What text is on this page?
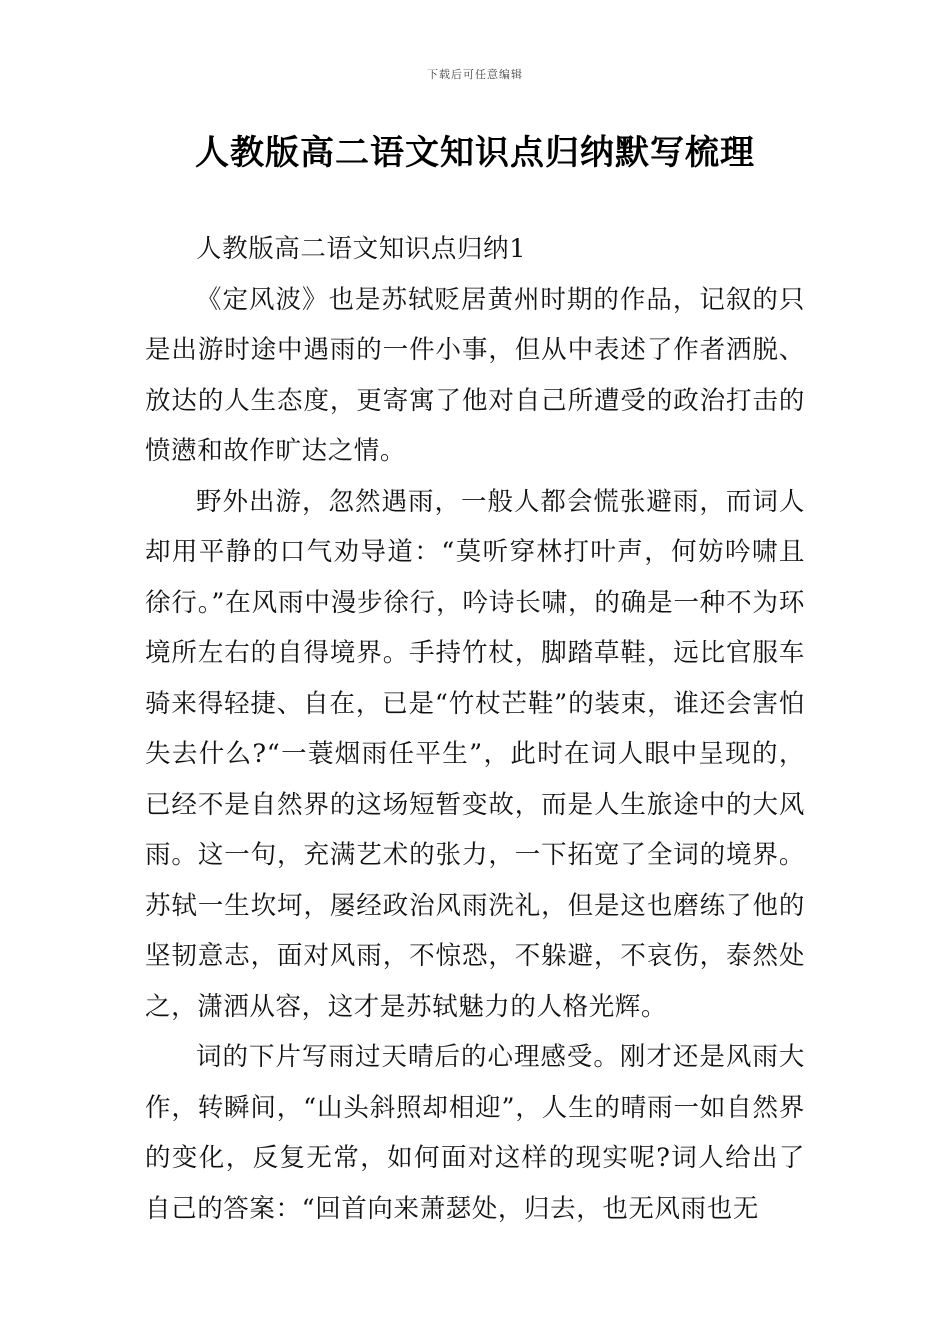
下载后可任意编辑
人教版高二语文知识点归纳默写梳理

人教版高二语文知识点归纳1

《定风波》也是苏轼贬居黄州时期的作品，记叙的只是出游时途中遇雨的一件小事，但从中表述了作者洒脱、放达的人生态度，更寄寓了他对自己所遭受的政治打击的愤懑和故作旷达之情。

野外出游，忽然遇雨，一般人都会慌张避雨，而词人却用平静的口气劝导道：“莫听穿林打叶声，何妨吟啸且徐行。”在风雨中漫步徐行，吟诗长啸，的确是一种不为环境所左右的自得境界。手持竹杖，脚踏草鞋，远比官服车骑来得轻捷、自在，已是“竹杖芒鞋”的装束，谁还会害怕失去什么?“一蓑烟雨任平生”，此时在词人眼中呈现的，已经不是自然界的这场短暂变故，而是人生旅途中的大风雨。这一句，充满艺术的张力，一下拓宽了全词的境界。苏轼一生坎坷，屡经政治风雨洗礼，但是这也磨练了他的坚韧意志，面对风雨，不惊恐，不躲避，不哀伤，泰然处之，潇洒从容，这才是苏轼魅力的人格光辉。

词的下片写雨过天晴后的心理感受。刚才还是风雨大作，转瞬间，“山头斜照却相迎”，人生的晴雨一如自然界的变化，反复无常，如何面对这样的现实呢?词人给出了自己的答案：“回首向来萧瑟处，归去，也无风雨也无
